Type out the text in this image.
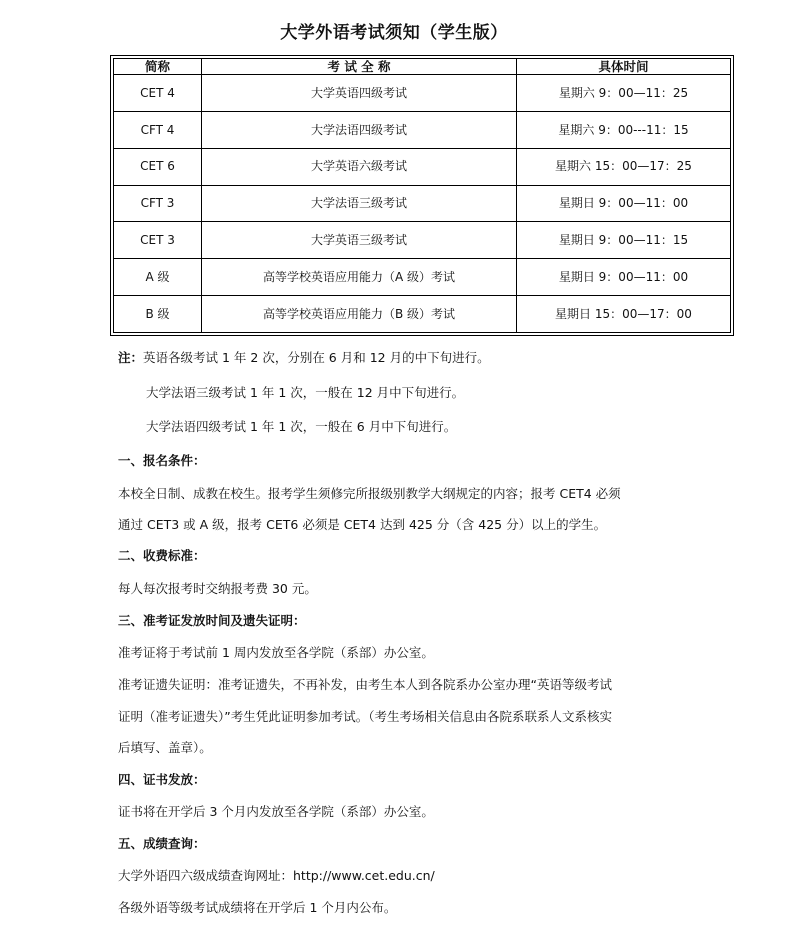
大学外语考试须知（学生版）
简称	考 试 全 称	具体时间
CET 4	大学英语四级考试	星期六 9：00—11：25
CFT 4	大学法语四级考试	星期六 9：00---11：15
CET 6	大学英语六级考试	星期六 15：00—17：25
CFT 3	大学法语三级考试	星期日 9：00—11：00
CET 3	大学英语三级考试	星期日 9：00—11：15
A 级	高等学校英语应用能力（A 级）考试	星期日 9：00—11：00
B 级	高等学校英语应用能力（B 级）考试	星期日 15：00—17：00
注：英语各级考试 1 年 2 次，分别在 6 月和 12 月的中下旬进行。
大学法语三级考试 1 年 1 次，一般在 12 月中下旬进行。
大学法语四级考试 1 年 1 次，一般在 6 月中下旬进行。
一、报名条件：
本校全日制、成教在校生。报考学生须修完所报级别教学大纲规定的内容；报考 CET4 必须
通过 CET3 或 A 级，报考 CET6 必须是 CET4 达到 425 分（含 425 分）以上的学生。
二、收费标准：
每人每次报考时交纳报考费 30 元。
三、准考证发放时间及遗失证明：
准考证将于考试前 1 周内发放至各学院（系部）办公室。
准考证遗失证明：准考证遗失，不再补发，由考生本人到各院系办公室办理“英语等级考试
证明（准考证遗失）”考生凭此证明参加考试。（考生考场相关信息由各院系联系人文系核实
后填写、盖章）。
四、证书发放：
证书将在开学后 3 个月内发放至各学院（系部）办公室。
五、成绩查询：
大学外语四六级成绩查询网址：http://www.cet.edu.cn/
各级外语等级考试成绩将在开学后 1 个月内公布。
